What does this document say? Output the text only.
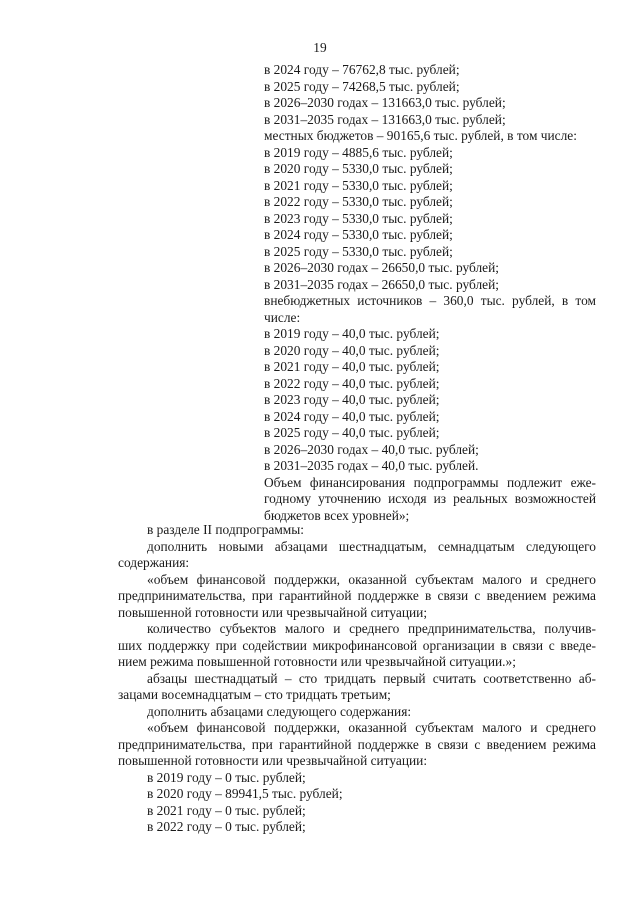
19
в 2024 году – 76762,8 тыс. рублей;
в 2025 году – 74268,5 тыс. рублей;
в 2026–2030 годах – 131663,0 тыс. рублей;
в 2031–2035 годах – 131663,0 тыс. рублей;
местных бюджетов – 90165,6 тыс. рублей, в том числе:
в 2019 году – 4885,6 тыс. рублей;
в 2020 году – 5330,0 тыс. рублей;
в 2021 году – 5330,0 тыс. рублей;
в 2022 году – 5330,0 тыс. рублей;
в 2023 году – 5330,0 тыс. рублей;
в 2024 году – 5330,0 тыс. рублей;
в 2025 году – 5330,0 тыс. рублей;
в 2026–2030 годах – 26650,0 тыс. рублей;
в 2031–2035 годах – 26650,0 тыс. рублей;
внебюджетных источников – 360,0 тыс. рублей, в том
числе:
в 2019 году – 40,0 тыс. рублей;
в 2020 году – 40,0 тыс. рублей;
в 2021 году – 40,0 тыс. рублей;
в 2022 году – 40,0 тыс. рублей;
в 2023 году – 40,0 тыс. рублей;
в 2024 году – 40,0 тыс. рублей;
в 2025 году – 40,0 тыс. рублей;
в 2026–2030 годах – 40,0 тыс. рублей;
в 2031–2035 годах – 40,0 тыс. рублей.
Объем финансирования подпрограммы подлежит еже-
годному уточнению исходя из реальных возможностей
бюджетов всех уровней»;
в разделе II подпрограммы:
дополнить новыми абзацами шестнадцатым, семнадцатым следующего
содержания:
«объем финансовой поддержки, оказанной субъектам малого и среднего
предпринимательства, при гарантийной поддержке в связи с введением режима
повышенной готовности или чрезвычайной ситуации;
количество субъектов малого и среднего предпринимательства, получив-
ших поддержку при содействии микрофинансовой организации в связи с введе-
нием режима повышенной готовности или чрезвычайной ситуации.»;
абзацы шестнадцатый – сто тридцать первый считать соответственно аб-
зацами восемнадцатым – сто тридцать третьим;
дополнить абзацами следующего содержания:
«объем финансовой поддержки, оказанной субъектам малого и среднего
предпринимательства, при гарантийной поддержке в связи с введением режима
повышенной готовности или чрезвычайной ситуации:
в 2019 году – 0 тыс. рублей;
в 2020 году – 89941,5 тыс. рублей;
в 2021 году – 0 тыс. рублей;
в 2022 году – 0 тыс. рублей;
